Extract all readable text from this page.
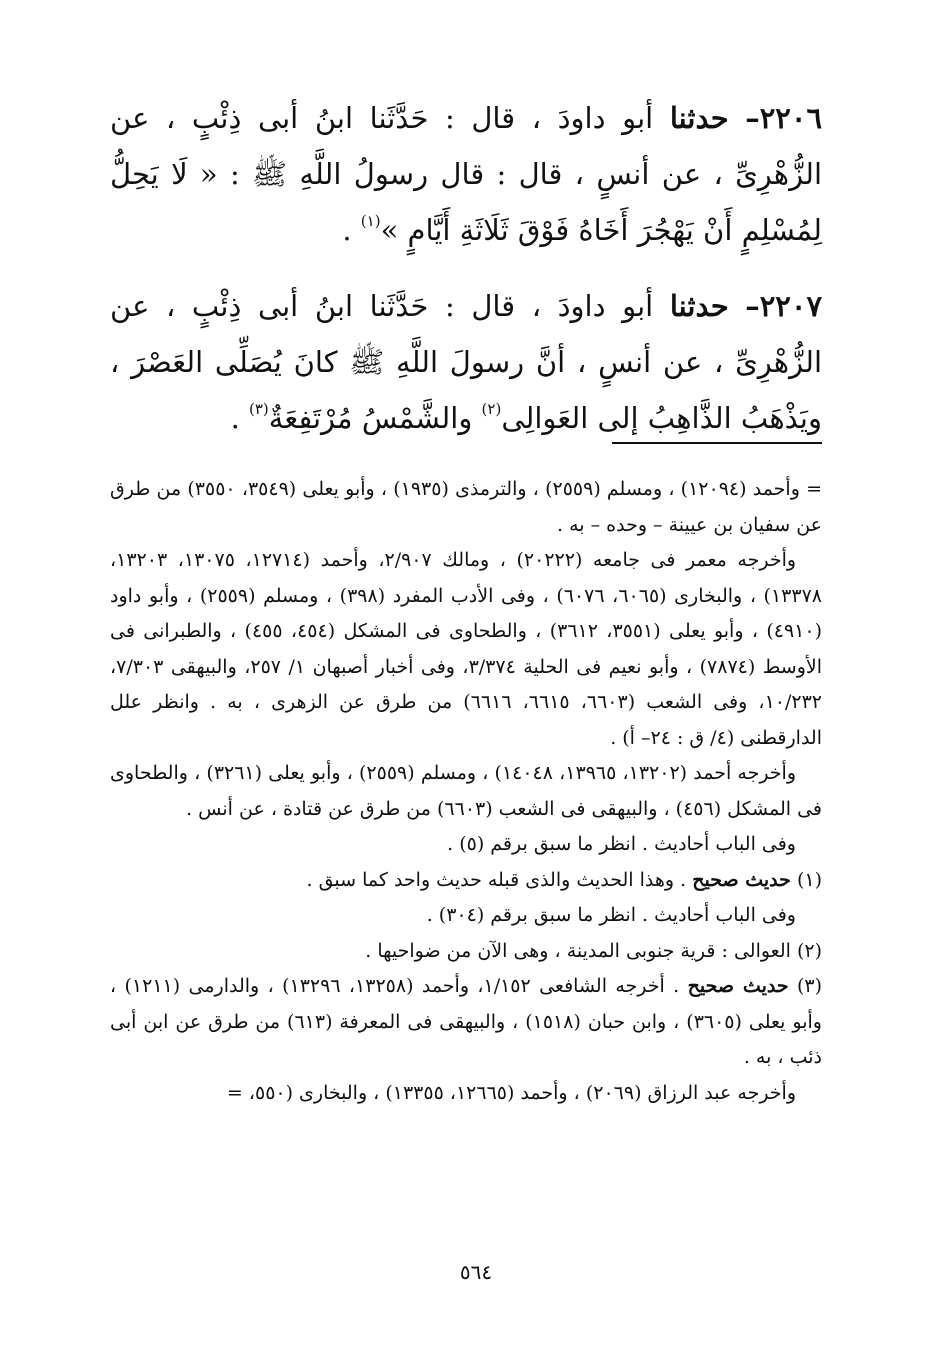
٢٢٠٦– حدثنا أبو داودَ ، قال : حَدَّثَنا ابنُ أبى ذِئْبٍ ، عن الزُّهْرِىِّ ، عن أنسٍ ، قال : قال رسولُ اللَّهِ ﷺ : « لَا يَحِلُّ لِمُسْلِمٍ أَنْ يَهْجُرَ أَخَاهُ فَوْقَ ثَلَاثَةِ أَيَّامٍ »$^{(١)}$ .

٢٢٠٧– حدثنا أبو داودَ ، قال : حَدَّثَنا ابنُ أبى ذِئْبٍ ، عن الزُّهْرِىِّ ، عن أنسٍ ، أنَّ رسولَ اللَّهِ ﷺ كانَ يُصَلِّى العَصْرَ ، ويَذْهَبُ الذَّاهِبُ إلى العَوالِى$^{(٢)}$ والشَّمْسُ مُرْتَفِعَةٌ$^{(٣)}$ .

= وأحمد (١٢٠٩٤) ، ومسلم (٢٥٥٩) ، والترمذى (١٩٣٥) ، وأبو يعلى (٣٥٤٩، ٣٥٥٠) من طرق عن سفيان بن عيينة – وحده – به .

وأخرجه معمر فى جامعه (٢٠٢٢٢) ، ومالك ٢/٩٠٧، وأحمد (١٢٧١٤، ١٣٠٧٥، ١٣٢٠٣، ١٣٣٧٨) ، والبخارى (٦٠٦٥، ٦٠٧٦) ، وفى الأدب المفرد (٣٩٨) ، ومسلم (٢٥٥٩) ، وأبو داود (٤٩١٠) ، وأبو يعلى (٣٥٥١، ٣٦١٢) ، والطحاوى فى المشكل (٤٥٤، ٤٥٥) ، والطبرانى فى الأوسط (٧٨٧٤) ، وأبو نعيم فى الحلية ٣/٣٧٤، وفى أخبار أصبهان ١/ ٢٥٧، والبيهقى ٧/٣٠٣، ١٠/٢٣٢، وفى الشعب (٦٦٠٣، ٦٦١٥، ٦٦١٦) من طرق عن الزهرى ، به . وانظر علل الدارقطنى (٤/ ق : ٢٤– أ) .

وأخرجه أحمد (١٣٢٠٢، ١٣٩٦٥، ١٤٠٤٨) ، ومسلم (٢٥٥٩) ، وأبو يعلى (٣٢٦١) ، والطحاوى فى المشكل (٤٥٦) ، والبيهقى فى الشعب (٦٦٠٣) من طرق عن قتادة ، عن أنس .

وفى الباب أحاديث . انظر ما سبق برقم (٥) .

(١) حديث صحيح . وهذا الحديث والذى قبله حديث واحد كما سبق .

وفى الباب أحاديث . انظر ما سبق برقم (٣٠٤) .

(٢) العوالى : قرية جنوبى المدينة ، وهى الآن من ضواحيها .

(٣) حديث صحيح . أخرجه الشافعى ١/١٥٢، وأحمد (١٣٢٥٨، ١٣٢٩٦) ، والدارمى (١٢١١) ، وأبو يعلى (٣٦٠٥) ، وابن حبان (١٥١٨) ، والبيهقى فى المعرفة (٦١٣) من طرق عن ابن أبى ذئب ، به .

وأخرجه عبد الرزاق (٢٠٦٩) ، وأحمد (١٢٦٦٥، ١٣٣٥٥) ، والبخارى (٥٥٠، =

٥٦٤
